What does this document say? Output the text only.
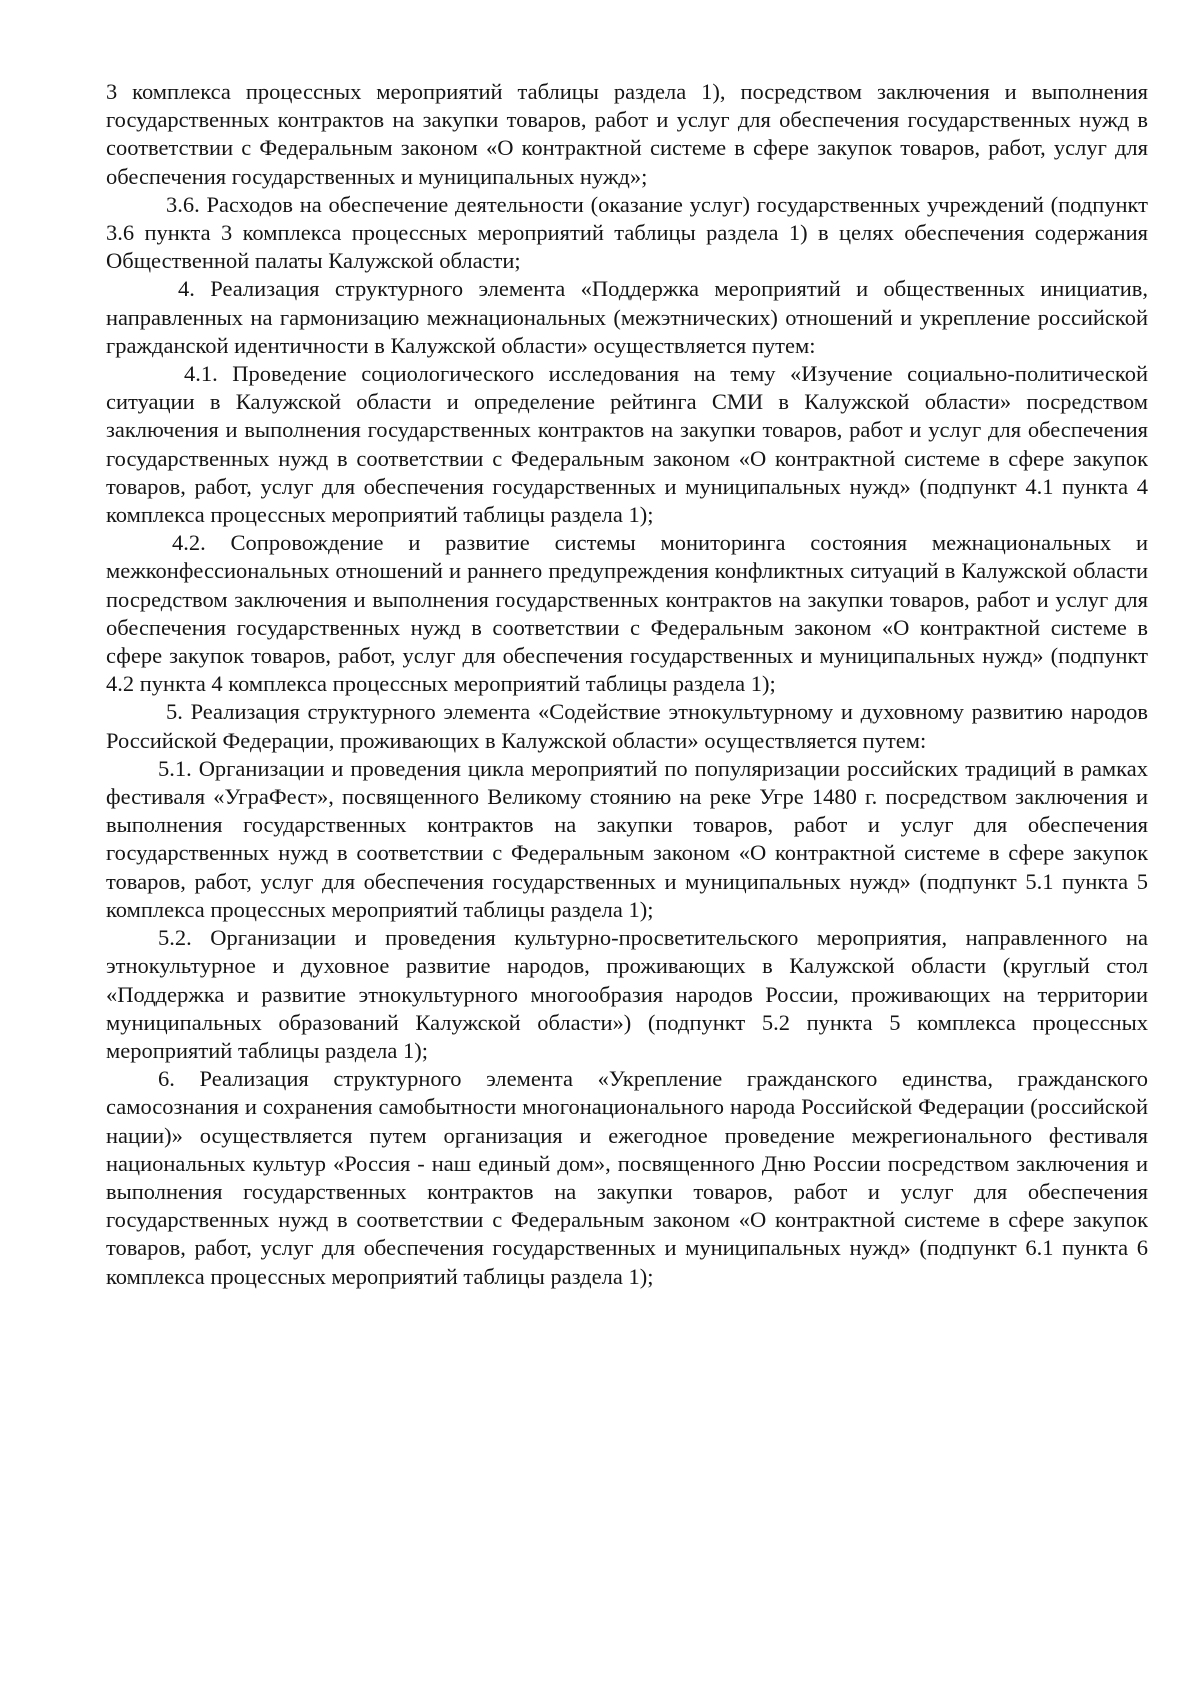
3 комплекса процессных мероприятий таблицы раздела 1), посредством заключения и выполнения государственных контрактов на закупки товаров, работ и услуг для обеспечения государственных нужд в соответствии с Федеральным законом «О контрактной системе в сфере закупок товаров, работ, услуг для обеспечения государственных и муниципальных нужд»;

3.6. Расходов на обеспечение деятельности (оказание услуг) государственных учреждений (подпункт 3.6 пункта 3 комплекса процессных мероприятий таблицы раздела 1) в целях обеспечения содержания Общественной палаты Калужской области;

4. Реализация структурного элемента «Поддержка мероприятий и общественных инициатив, направленных на гармонизацию межнациональных (межэтнических) отношений и укрепление российской гражданской идентичности в Калужской области» осуществляется путем:

4.1. Проведение социологического исследования на тему «Изучение социально-политической ситуации в Калужской области и определение рейтинга СМИ в Калужской области» посредством заключения и выполнения государственных контрактов на закупки товаров, работ и услуг для обеспечения государственных нужд в соответствии с Федеральным законом «О контрактной системе в сфере закупок товаров, работ, услуг для обеспечения государственных и муниципальных нужд» (подпункт 4.1 пункта 4 комплекса процессных мероприятий таблицы раздела 1);

4.2. Сопровождение и развитие системы мониторинга состояния межнациональных и межконфессиональных отношений и раннего предупреждения конфликтных ситуаций в Калужской области посредством заключения и выполнения государственных контрактов на закупки товаров, работ и услуг для обеспечения государственных нужд в соответствии с Федеральным законом «О контрактной системе в сфере закупок товаров, работ, услуг для обеспечения государственных и муниципальных нужд» (подпункт 4.2 пункта 4 комплекса процессных мероприятий таблицы раздела 1);

5. Реализация структурного элемента «Содействие этнокультурному и духовному развитию народов Российской Федерации, проживающих в Калужской области» осуществляется путем:

5.1. Организации и проведения цикла мероприятий по популяризации российских традиций в рамках фестиваля «УграФест», посвященного Великому стоянию на реке Угре 1480 г. посредством заключения и выполнения государственных контрактов на закупки товаров, работ и услуг для обеспечения государственных нужд в соответствии с Федеральным законом «О контрактной системе в сфере закупок товаров, работ, услуг для обеспечения государственных и муниципальных нужд» (подпункт 5.1 пункта 5 комплекса процессных мероприятий таблицы раздела 1);

5.2. Организации и проведения культурно-просветительского мероприятия, направленного на этнокультурное и духовное развитие народов, проживающих в Калужской области (круглый стол «Поддержка и развитие этнокультурного многообразия народов России, проживающих на территории муниципальных образований Калужской области») (подпункт 5.2 пункта 5 комплекса процессных мероприятий таблицы раздела 1);

6. Реализация структурного элемента «Укрепление гражданского единства, гражданского самосознания и сохранения самобытности многонационального народа Российской Федерации (российской нации)» осуществляется путем организация и ежегодное проведение межрегионального фестиваля национальных культур «Россия - наш единый дом», посвященного Дню России посредством заключения и выполнения государственных контрактов на закупки товаров, работ и услуг для обеспечения государственных нужд в соответствии с Федеральным законом «О контрактной системе в сфере закупок товаров, работ, услуг для обеспечения государственных и муниципальных нужд» (подпункт 6.1 пункта 6 комплекса процессных мероприятий таблицы раздела 1);
